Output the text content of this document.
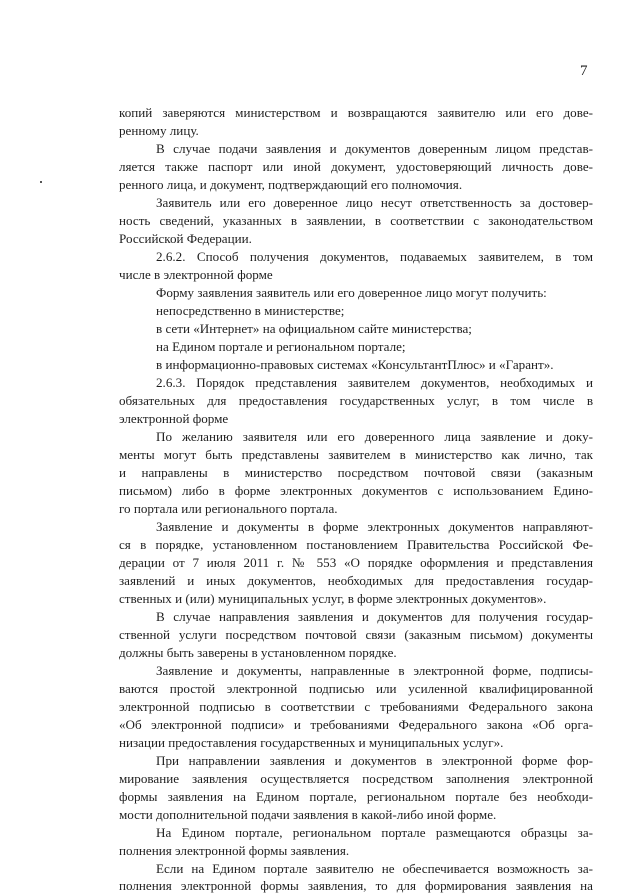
7
копий заверяются министерством и возвращаются заявителю или его дове-
ренному лицу.
В случае подачи заявления и документов доверенным лицом представ-
ляется также паспорт или иной документ, удостоверяющий личность дове-
ренного лица, и документ, подтверждающий его полномочия.
Заявитель или его доверенное лицо несут ответственность за достовер-
ность сведений, указанных в заявлении, в соответствии с законодательством
Российской Федерации.
2.6.2. Способ получения документов, подаваемых заявителем, в том
числе в электронной форме
Форму заявления заявитель или его доверенное лицо могут получить:
непосредственно в министерстве;
в сети «Интернет» на официальном сайте министерства;
на Едином портале и региональном портале;
в информационно-правовых системах «КонсультантПлюс» и «Гарант».
2.6.3. Порядок представления заявителем документов, необходимых и
обязательных для предоставления государственных услуг, в том числе в
электронной форме
По желанию заявителя или его доверенного лица заявление и доку-
менты могут быть представлены заявителем в министерство как лично, так
и направлены в министерство посредством почтовой связи (заказным
письмом) либо в форме электронных документов с использованием Едино-
го портала или регионального портала.
Заявление и документы в форме электронных документов направляют-
ся в порядке, установленном постановлением Правительства Российской Фе-
дерации от 7 июля 2011 г. № 553 «О порядке оформления и представления
заявлений и иных документов, необходимых для предоставления государ-
ственных и (или) муниципальных услуг, в форме электронных документов».
В случае направления заявления и документов для получения государ-
ственной услуги посредством почтовой связи (заказным письмом) документы
должны быть заверены в установленном порядке.
Заявление и документы, направленные в электронной форме, подписы-
ваются простой электронной подписью или усиленной квалифицированной
электронной подписью в соответствии с требованиями Федерального закона
«Об электронной подписи» и требованиями Федерального закона «Об орга-
низации предоставления государственных и муниципальных услуг».
При направлении заявления и документов в электронной форме фор-
мирование заявления осуществляется посредством заполнения электронной
формы заявления на Едином портале, региональном портале без необходи-
мости дополнительной подачи заявления в какой-либо иной форме.
На Едином портале, региональном портале размещаются образцы за-
полнения электронной формы заявления.
Если на Едином портале заявителю не обеспечивается возможность за-
полнения электронной формы заявления, то для формирования заявления на
